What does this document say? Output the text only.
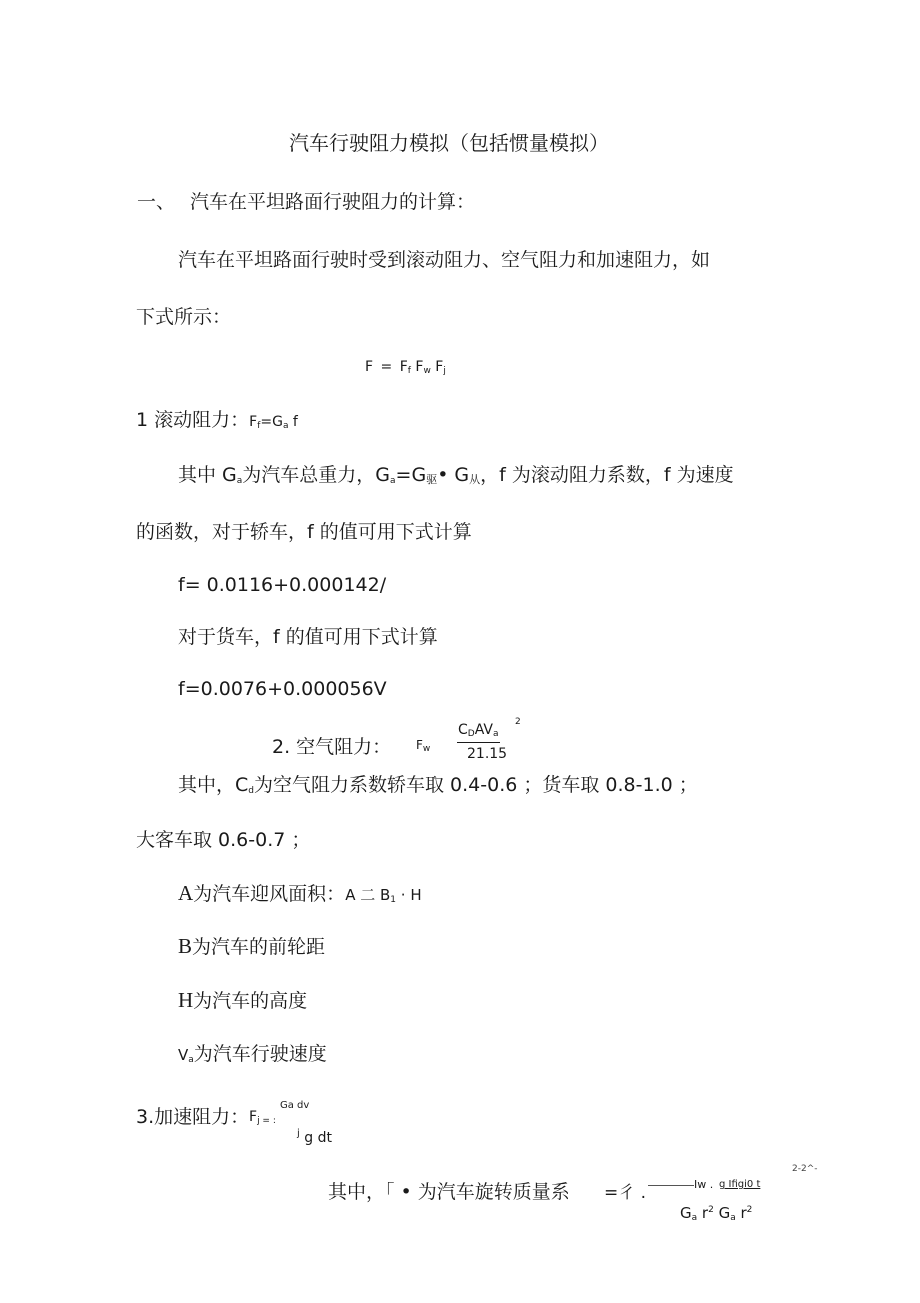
汽车行驶阻力模拟（包括惯量模拟）
一、 汽车在平坦路面行驶阻力的计算：
汽车在平坦路面行驶时受到滚动阻力、空气阻力和加速阻力，如
下式所示：
$F = F_f$ $F_w$ $F_j$
1 滚动阻力：$F_f=G_a$ f
其中 $G_a$为汽车总重力，$G_a=G$驱• G从，f 为滚动阻力系数，f 为速度
的函数，对于轿车，f 的值可用下式计算
f= 0.0116+0.000142/
对于货车，f 的值可用下式计算
f=0.0076+0.000056V
2. 空气阻力： $F_w$
$C_DAV_a$
2
21.15
其中，$C_d$为空气阻力系数轿车取 0.4-0.6 ；货车取 0.8-1.0 ；
大客车取 0.6-0.7 ；
A为汽车迎风面积：A 二 $B_1 \cdot H$
B为汽车的前轮距
H为汽车的高度
$V_a$为汽车行驶速度
3.加速阻力： $F_{j = :}$
Ga dv
$^j$ g dt
2-2^-
其中，「 • 为汽车旋转质量系 =彳 .	Iw . g Ifigi0 t
$G_a$ $r^2$ $G_a$ $r^2$
